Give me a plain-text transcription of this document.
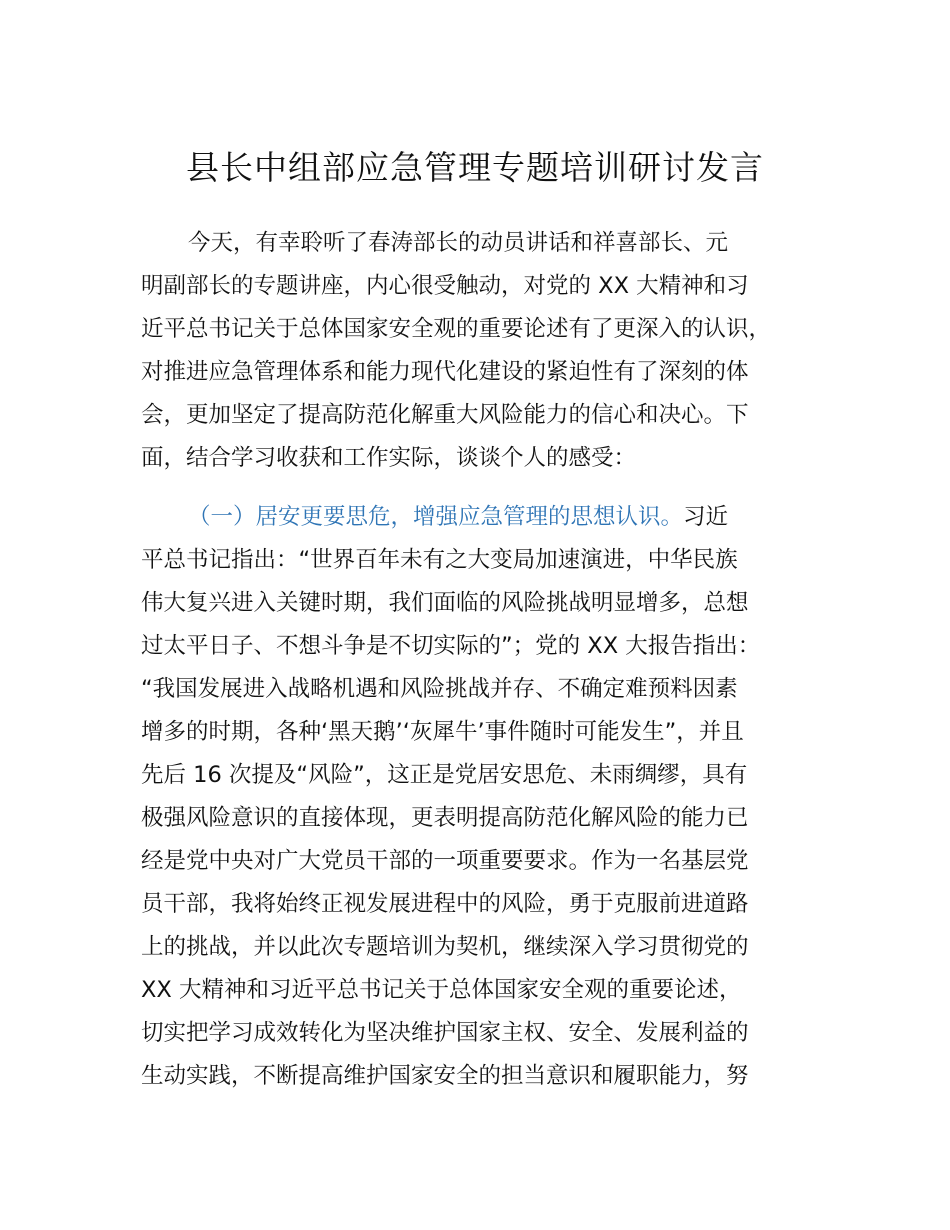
县长中组部应急管理专题培训研讨发言
今天，有幸聆听了春涛部长的动员讲话和祥喜部长、元
明副部长的专题讲座，内心很受触动，对党的 XX 大精神和习
近平总书记关于总体国家安全观的重要论述有了更深入的认识，
对推进应急管理体系和能力现代化建设的紧迫性有了深刻的体
会，更加坚定了提高防范化解重大风险能力的信心和决心。下
面，结合学习收获和工作实际，谈谈个人的感受：
（一）居安更要思危，增强应急管理的思想认识。习近
平总书记指出：“世界百年未有之大变局加速演进，中华民族
伟大复兴进入关键时期，我们面临的风险挑战明显增多，总想
过太平日子、不想斗争是不切实际的”；党的 XX 大报告指出：
“我国发展进入战略机遇和风险挑战并存、不确定难预料因素
增多的时期，各种‘黑天鹅’‘灰犀牛’事件随时可能发生”，并且
先后 16 次提及“风险”，这正是党居安思危、未雨绸缪，具有
极强风险意识的直接体现，更表明提高防范化解风险的能力已
经是党中央对广大党员干部的一项重要要求。作为一名基层党
员干部，我将始终正视发展进程中的风险，勇于克服前进道路
上的挑战，并以此次专题培训为契机，继续深入学习贯彻党的
XX 大精神和习近平总书记关于总体国家安全观的重要论述，
切实把学习成效转化为坚决维护国家主权、安全、发展利益的
生动实践，不断提高维护国家安全的担当意识和履职能力，努
